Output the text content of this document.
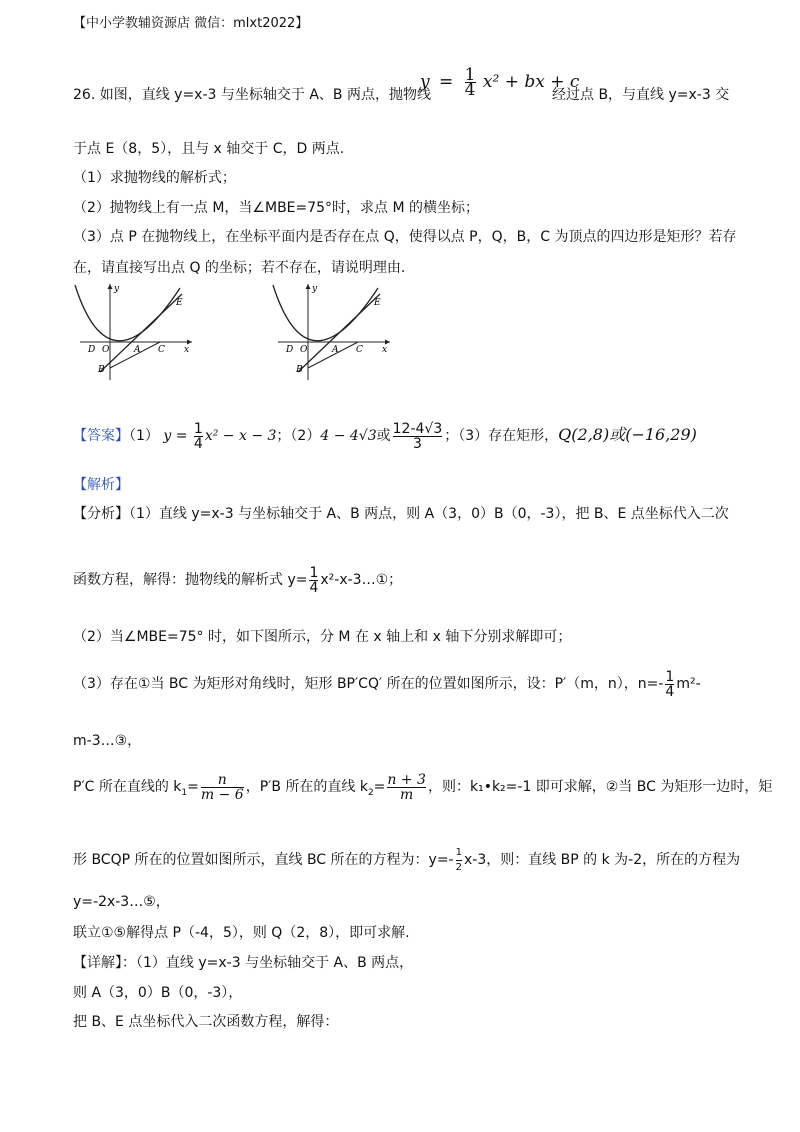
【中小学教辅资源店 微信：mlxt2022】
26. 如图，直线 y=x-3 与坐标轴交于 A、B 两点，抛物线
$y = \frac{1}{4} x^2$ + bx + c
经过点 B，与直线 y=x-3 交
于点 E（8，5），且与 x 轴交于 C，D 两点.
（1）求抛物线的解析式；
（2）抛物线上有一点 M，当∠MBE=75°时，求点 M 的横坐标；
（3）点 P 在抛物线上，在坐标平面内是否存在点 Q，使得以点 P，Q，B，C 为顶点的四边形是矩形？若存
在，请直接写出点 Q 的坐标；若不存在，请说明理由.
y
E
D O	A C x
B
y
E
D O	A C x
B
【答案】（1） $y = \frac{1}{4} x^2 - x - 3$；（2）4 − 4√3或 $\frac{12-4√3}{3}$ ；（3）存在矩形，Q(2,8)或(−16,29)
【解析】
【分析】（1）直线 y=x-3 与坐标轴交于 A、B 两点，则 A（3，0）B（0，-3），把 B、E 点坐标代入二次
函数方程，解得：抛物线的解析式 $y= \frac{1}{4}$ x²-x-3…①；
（2）当∠MBE=75° 时，如下图所示，分 M 在 x 轴上和 x 轴下分别求解即可；
（3）存在①当 BC 为矩形对角线时，矩形 BP′CQ′ 所在的位置如图所示，设：P′（m，n），$n=- \frac{1}{4} m^2-$
m-3…③，
P′C 所在直线的 $k_1= \frac{n}{m - 6}$ ，P′B 所在的直线 $k_2= \frac{n + 3}{m}$ ，则：k₁•k₂=-1 即可求解，②当 BC 为矩形一边时，矩
形 BCQP 所在的位置如图所示，直线 BC 所在的方程为：$y=- \frac{1}{2} x-3$，则：直线 BP 的 k 为-2，所在的方程为
y=-2x-3…⑤，
联立①⑤解得点 P（-4，5），则 Q（2，8），即可求解.
【详解】：（1）直线 y=x-3 与坐标轴交于 A、B 两点，
则 A（3，0）B（0，-3），
把 B、E 点坐标代入二次函数方程，解得：
